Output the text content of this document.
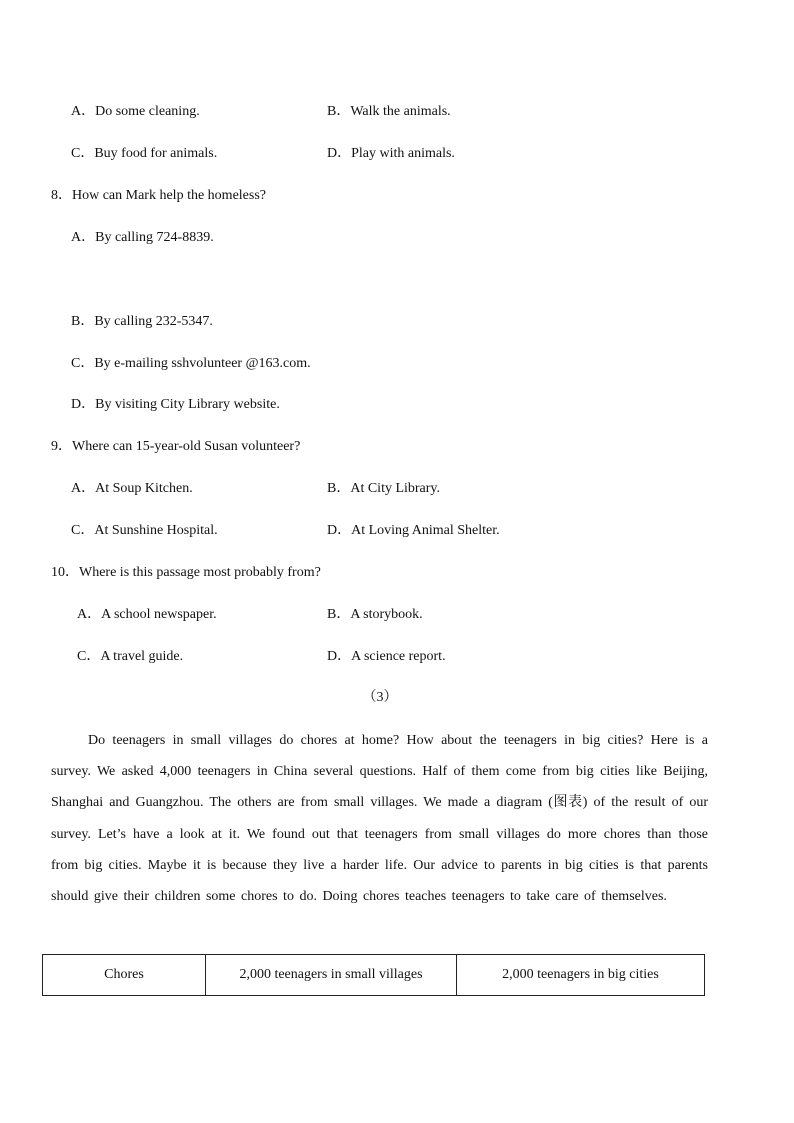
A．Do some cleaning.	B．Walk the animals.
C．Buy food for animals.	D．Play with animals.
8．How can Mark help the homeless?
A．By calling 724-8839.
B．By calling 232-5347.
C．By e-mailing sshvolunteer @163.com.
D．By visiting City Library website.
9．Where can 15-year-old Susan volunteer?
A．At Soup Kitchen.	B．At City Library.
C．At Sunshine Hospital.	D．At Loving Animal Shelter.
10．Where is this passage most probably from?
A．A school newspaper.	B．A storybook.
C．A travel guide.	D．A science report.
（3）
Do teenagers in small villages do chores at home? How about the teenagers in big cities? Here is a survey. We asked 4,000 teenagers in China several questions. Half of them come from big cities like Beijing, Shanghai and Guangzhou. The others are from small villages. We made a diagram (图表) of the result of our survey. Let’s have a look at it. We found out that teenagers from small villages do more chores than those from big cities. Maybe it is because they live a harder life. Our advice to parents in big cities is that parents should give their children some chores to do. Doing chores teaches teenagers to take care of themselves.
Chores	2,000 teenagers in small villages	2,000 teenagers in big cities
